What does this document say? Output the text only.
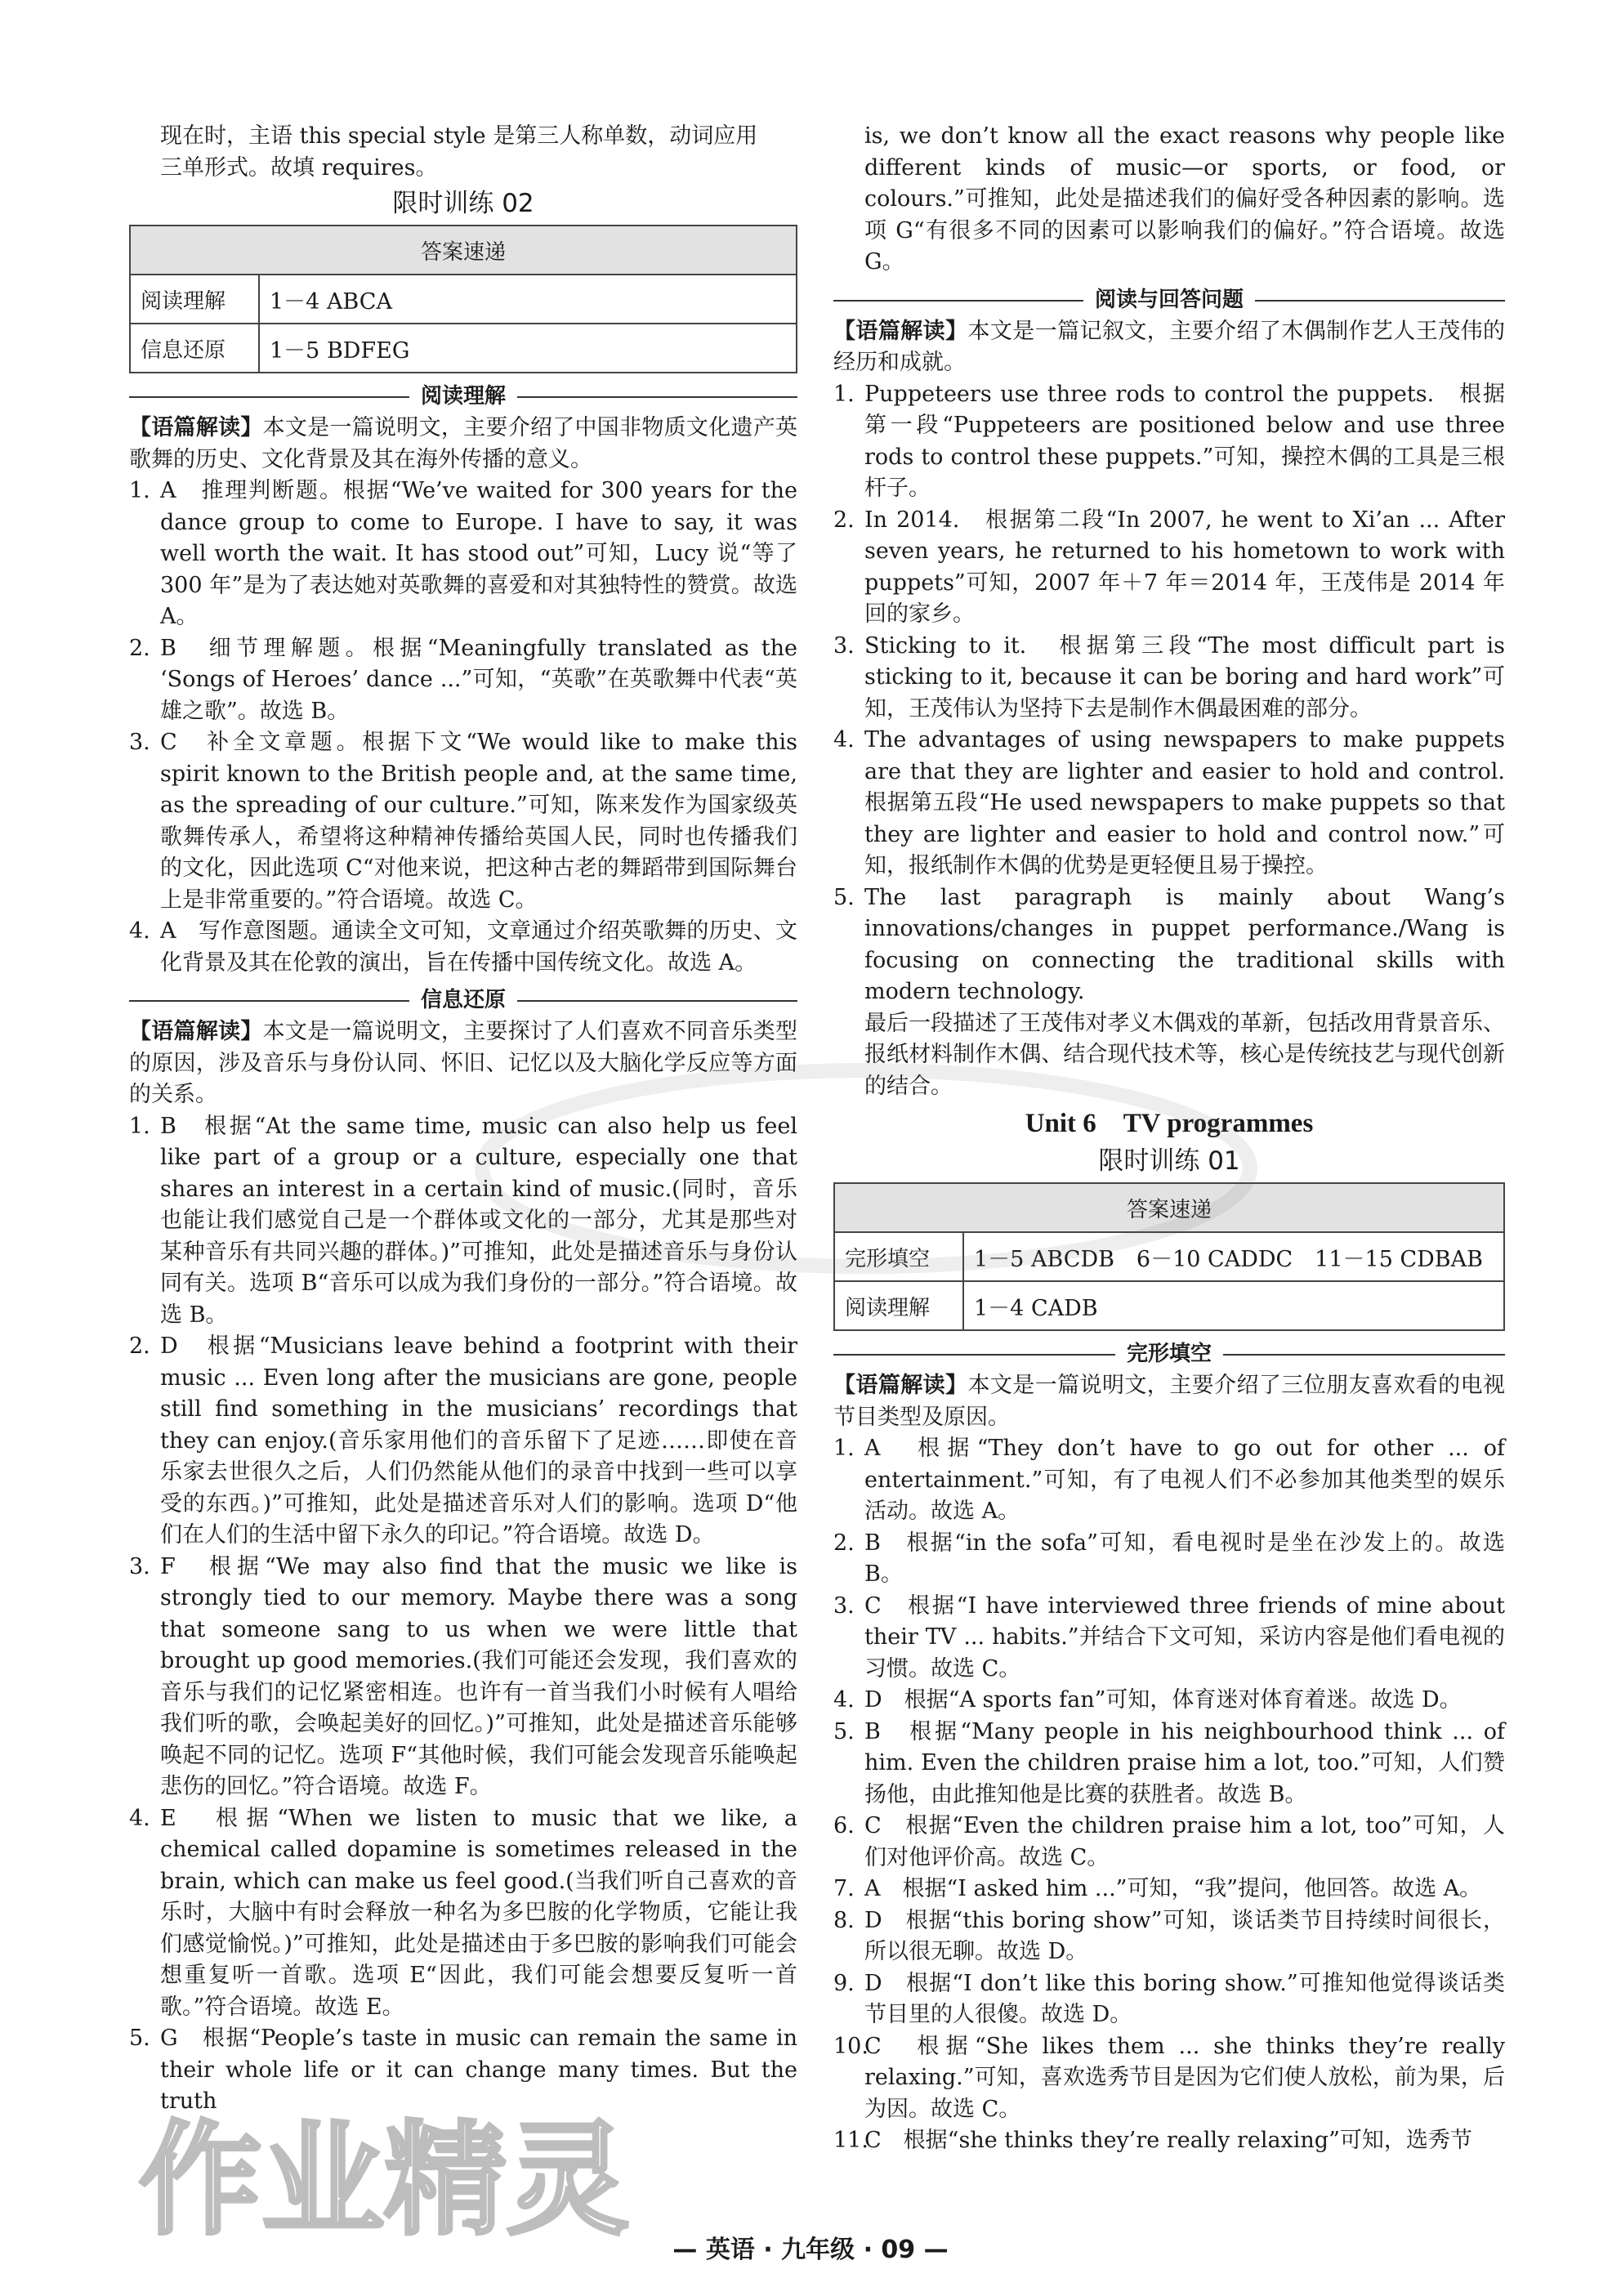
现在时，主语 this special style 是第三人称单数，动词应用

三单形式。故填 requires。

限时训练 02
答案速递	
阅读理解	1－4 ABCA
信息还原	1－5 BDFEG
阅读理解

【语篇解读】本文是一篇说明文，主要介绍了中国非物质文化遗产英歌舞的历史、文化背景及其在海外传播的意义。

1. A　推理判断题。根据“We’ve waited for 300 years for the dance group to come to Europe. I have to say, it was well worth the wait. It has stood out”可知，Lucy 说“等了 300 年”是为了表达她对英歌舞的喜爱和对其独特性的赞赏。故选 A。
2. B　细节理解题。根据“Meaningfully translated as the ‘Songs of Heroes’ dance ...”可知，“英歌”在英歌舞中代表“英雄之歌”。故选 B。
3. C　补全文章题。根据下文“We would like to make this spirit known to the British people and, at the same time, as the spreading of our culture.”可知，陈来发作为国家级英歌舞传承人，希望将这种精神传播给英国人民，同时也传播我们的文化，因此选项 C“对他来说，把这种古老的舞蹈带到国际舞台上是非常重要的。”符合语境。故选 C。
4. A　写作意图题。通读全文可知，文章通过介绍英歌舞的历史、文化背景及其在伦敦的演出，旨在传播中国传统文化。故选 A。
信息还原

【语篇解读】本文是一篇说明文，主要探讨了人们喜欢不同音乐类型的原因，涉及音乐与身份认同、怀旧、记忆以及大脑化学反应等方面的关系。

1. B　根据“At the same time, music can also help us feel like part of a group or a culture, especially one that shares an interest in a certain kind of music.(同时，音乐也能让我们感觉自己是一个群体或文化的一部分，尤其是那些对某种音乐有共同兴趣的群体。)”可推知，此处是描述音乐与身份认同有关。选项 B“音乐可以成为我们身份的一部分。”符合语境。故选 B。
2. D　根据“Musicians leave behind a footprint with their music ... Even long after the musicians are gone, people still find something in the musicians’ recordings that they can enjoy.(音乐家用他们的音乐留下了足迹……即使在音乐家去世很久之后，人们仍然能从他们的录音中找到一些可以享受的东西。)”可推知，此处是描述音乐对人们的影响。选项 D“他们在人们的生活中留下永久的印记。”符合语境。故选 D。
3. F　根据“We may also find that the music we like is strongly tied to our memory. Maybe there was a song that someone sang to us when we were little that brought up good memories.(我们可能还会发现，我们喜欢的音乐与我们的记忆紧密相连。也许有一首当我们小时候有人唱给我们听的歌，会唤起美好的回忆。)”可推知，此处是描述音乐能够唤起不同的记忆。选项 F“其他时候，我们可能会发现音乐能唤起悲伤的回忆。”符合语境。故选 F。
4. E　根据“When we listen to music that we like, a chemical called dopamine is sometimes released in the brain, which can make us feel good.(当我们听自己喜欢的音乐时，大脑中有时会释放一种名为多巴胺的化学物质，它能让我们感觉愉悦。)”可推知，此处是描述由于多巴胺的影响我们可能会想重复听一首歌。选项 E“因此，我们可能会想要反复听一首歌。”符合语境。故选 E。
5. G　根据“People’s taste in music can remain the same in their whole life or it can change many times. But the truth

is, we don’t know all the exact reasons why people like different kinds of music—or sports, or food, or colours.”可推知，此处是描述我们的偏好受各种因素的影响。选项 G“有很多不同的因素可以影响我们的偏好。”符合语境。故选 G。

阅读与回答问题

【语篇解读】本文是一篇记叙文，主要介绍了木偶制作艺人王茂伟的经历和成就。

1. Puppeteers use three rods to control the puppets.　根据第一段“Puppeteers are positioned below and use three rods to control these puppets.”可知，操控木偶的工具是三根杆子。
2. In 2014.　根据第二段“In 2007, he went to Xi’an ... After seven years, he returned to his hometown to work with puppets”可知，2007 年＋7 年＝2014 年，王茂伟是 2014 年回的家乡。
3. Sticking to it.　根据第三段“The most difficult part is sticking to it, because it can be boring and hard work”可知，王茂伟认为坚持下去是制作木偶最困难的部分。
4. The advantages of using newspapers to make puppets are that they are lighter and easier to hold and control.　根据第五段“He used newspapers to make puppets so that they are lighter and easier to hold and control now.”可知，报纸制作木偶的优势是更轻便且易于操控。
5. The last paragraph is mainly about Wang’s innovations/changes in puppet performance./Wang is focusing on connecting the traditional skills with modern technology.
最后一段描述了王茂伟对孝义木偶戏的革新，包括改用背景音乐、报纸材料制作木偶、结合现代技术等，核心是传统技艺与现代创新的结合。
Unit 6　TV programmes
限时训练 01
答案速递	
完形填空	1－5 ABCDB　6－10 CADDC　11－15 CDBAB
阅读理解	1－4 CADB
完形填空

【语篇解读】本文是一篇说明文，主要介绍了三位朋友喜欢看的电视节目类型及原因。

1. A　根据“They don’t have to go out for other ... of entertainment.”可知，有了电视人们不必参加其他类型的娱乐活动。故选 A。
2. B　根据“in the sofa”可知，看电视时是坐在沙发上的。故选 B。
3. C　根据“I have interviewed three friends of mine about their TV ... habits.”并结合下文可知，采访内容是他们看电视的习惯。故选 C。
4. D　根据“A sports fan”可知，体育迷对体育着迷。故选 D。
5. B　根据“Many people in his neighbourhood think ... of him. Even the children praise him a lot, too.”可知，人们赞扬他，由此推知他是比赛的获胜者。故选 B。
6. C　根据“Even the children praise him a lot, too”可知，人们对他评价高。故选 C。
7. A　根据“I asked him ...”可知，“我”提问，他回答。故选 A。
8. D　根据“this boring show”可知，谈话类节目持续时间很长，所以很无聊。故选 D。
9. D　根据“I don’t like this boring show.”可推知他觉得谈话类节目里的人很傻。故选 D。
10.
C　根据“She likes them ... she thinks they’re really relaxing.”可知，喜欢选秀节目是因为它们使人放松，前为果，后为因。故选 C。
11.
C　根据“she thinks they’re really relaxing”可知，选秀节
作业精灵	— 英语 · 九年级 · 09 —
